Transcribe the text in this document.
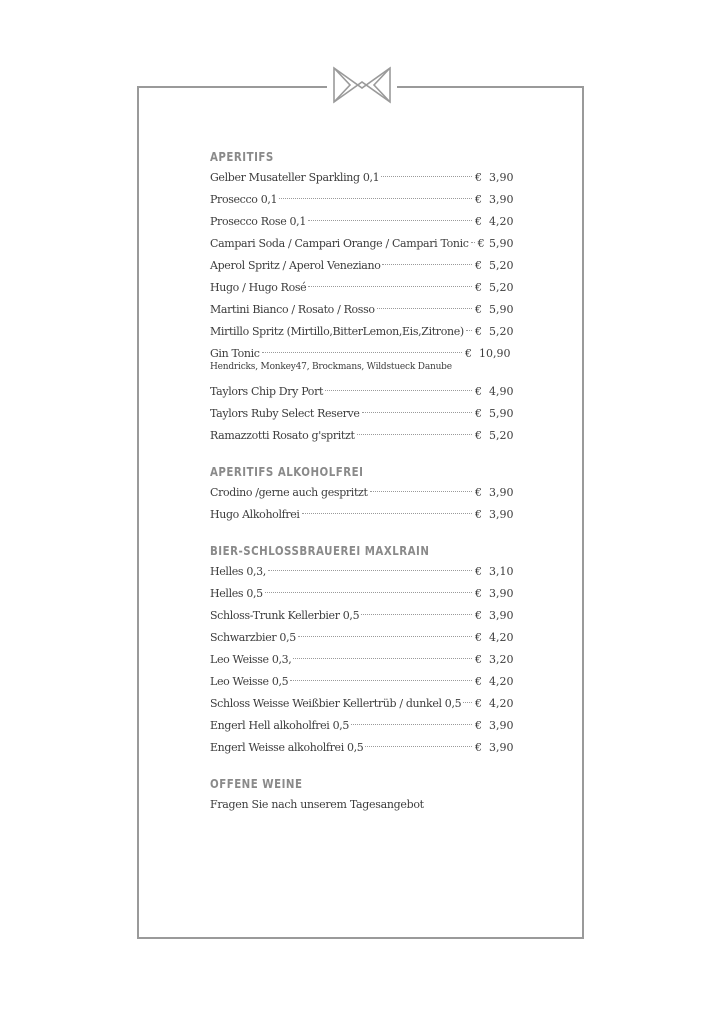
APERITIFS
Gelber Musateller Sparkling 0,1	€ 3,90
Prosecco 0,1	€ 3,90
Prosecco Rose 0,1	€ 4,20
Campari Soda / Campari Orange / Campari Tonic € 5,90
Aperol Spritz / Aperol Veneziano	€ 5,20
Hugo / Hugo Rosé	€ 5,20
Martini Bianco / Rosato / Rosso	€ 5,90
Mirtillo Spritz (Mirtillo,BitterLemon,Eis,Zitrone) € 5,20
Gin Tonic	€ 10,90
Hendricks, Monkey47, Brockmans, Wildstueck Danube
Taylors Chip Dry Port	€ 4,90
Taylors Ruby Select Reserve	€ 5,90
Ramazzotti Rosato g'spritzt	€ 5,20
APERITIFS ALKOHOLFREI
Crodino /gerne auch gespritzt	€ 3,90
Hugo Alkoholfrei	€ 3,90
BIER-SCHLOSSBRAUEREI MAXLRAIN
Helles 0,3,	€ 3,10
Helles 0,5	€ 3,90
Schloss-Trunk Kellerbier 0,5	€ 3,90
Schwarzbier 0,5	€ 4,20
Leo Weisse 0,3,	€ 3,20
Leo Weisse 0,5	€ 4,20
Schloss Weisse Weißbier Kellertrüb / dunkel 0,5 € 4,20
Engerl Hell alkoholfrei 0,5	€ 3,90
Engerl Weisse alkoholfrei 0,5	€ 3,90
OFFENE WEINE
Fragen Sie nach unserem Tagesangebot
